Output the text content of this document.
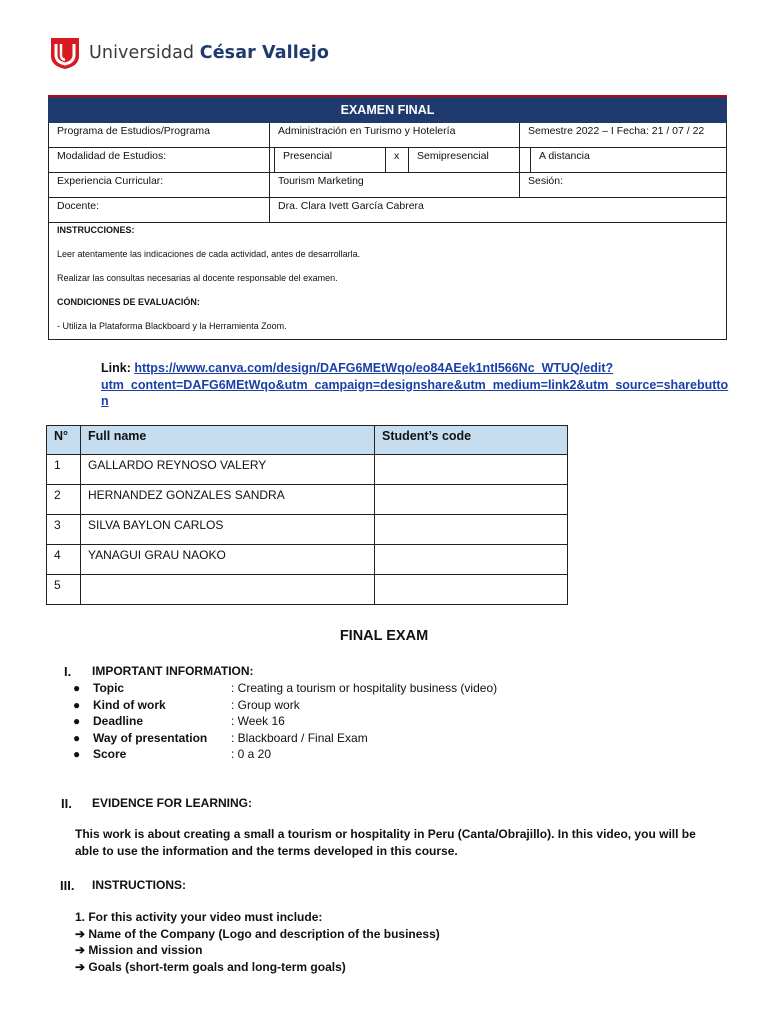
Universidad César Vallejo
EXAMEN FINAL						
Programa de Estudios/Programa	Administración en Turismo y Hotelería				Semestre 2022 – I Fecha: 21 / 07 / 22	
Modalidad de Estudios:		Presencial	x	Semipresencial		A distancia
Experiencia Curricular:	Tourism Marketing				Sesión:	
Docente:	Dra. Clara Ivett García Cabrera					

INSTRUCCIONES:

Leer atentamente las indicaciones de cada actividad, antes de desarrollarla.

Realizar las consultas necesarias al docente responsable del examen.

CONDICIONES DE EVALUACIÓN:

- Utiliza la Plataforma Blackboard y la Herramienta Zoom.						

Link: https://www.canva.com/design/DAFG6MEtWqo/eo84AEek1ntI566Nc_WTUQ/edit?
utm_content=DAFG6MEtWqo&utm_campaign=designshare&utm_medium=link2&utm_source=sharebutto
n
N°	Full name	Student’s code
1	GALLARDO REYNOSO VALERY	
2	HERNANDEZ GONZALES SANDRA	
3	SILVA BAYLON CARLOS	
4	YANAGUI GRAU NAOKO	
5		
FINAL EXAM
I. IMPORTANT INFORMATION:
●	Topic	: Creating a tourism or hospitality business (video)
●	Kind of work	: Group work
●	Deadline	: Week 16
●	Way of presentation	: Blackboard / Final Exam
●	Score	: 0 a 20
II. EVIDENCE FOR LEARNING:
This work is about creating a small a tourism or hospitality in Peru (Canta/Obrajillo). In this video, you will be able to use the information and the terms developed in this course.
III. INSTRUCTIONS:
1. For this activity your video must include:
➔ Name of the Company (Logo and description of the business)
➔ Mission and vission
➔ Goals (short-term goals and long-term goals)
